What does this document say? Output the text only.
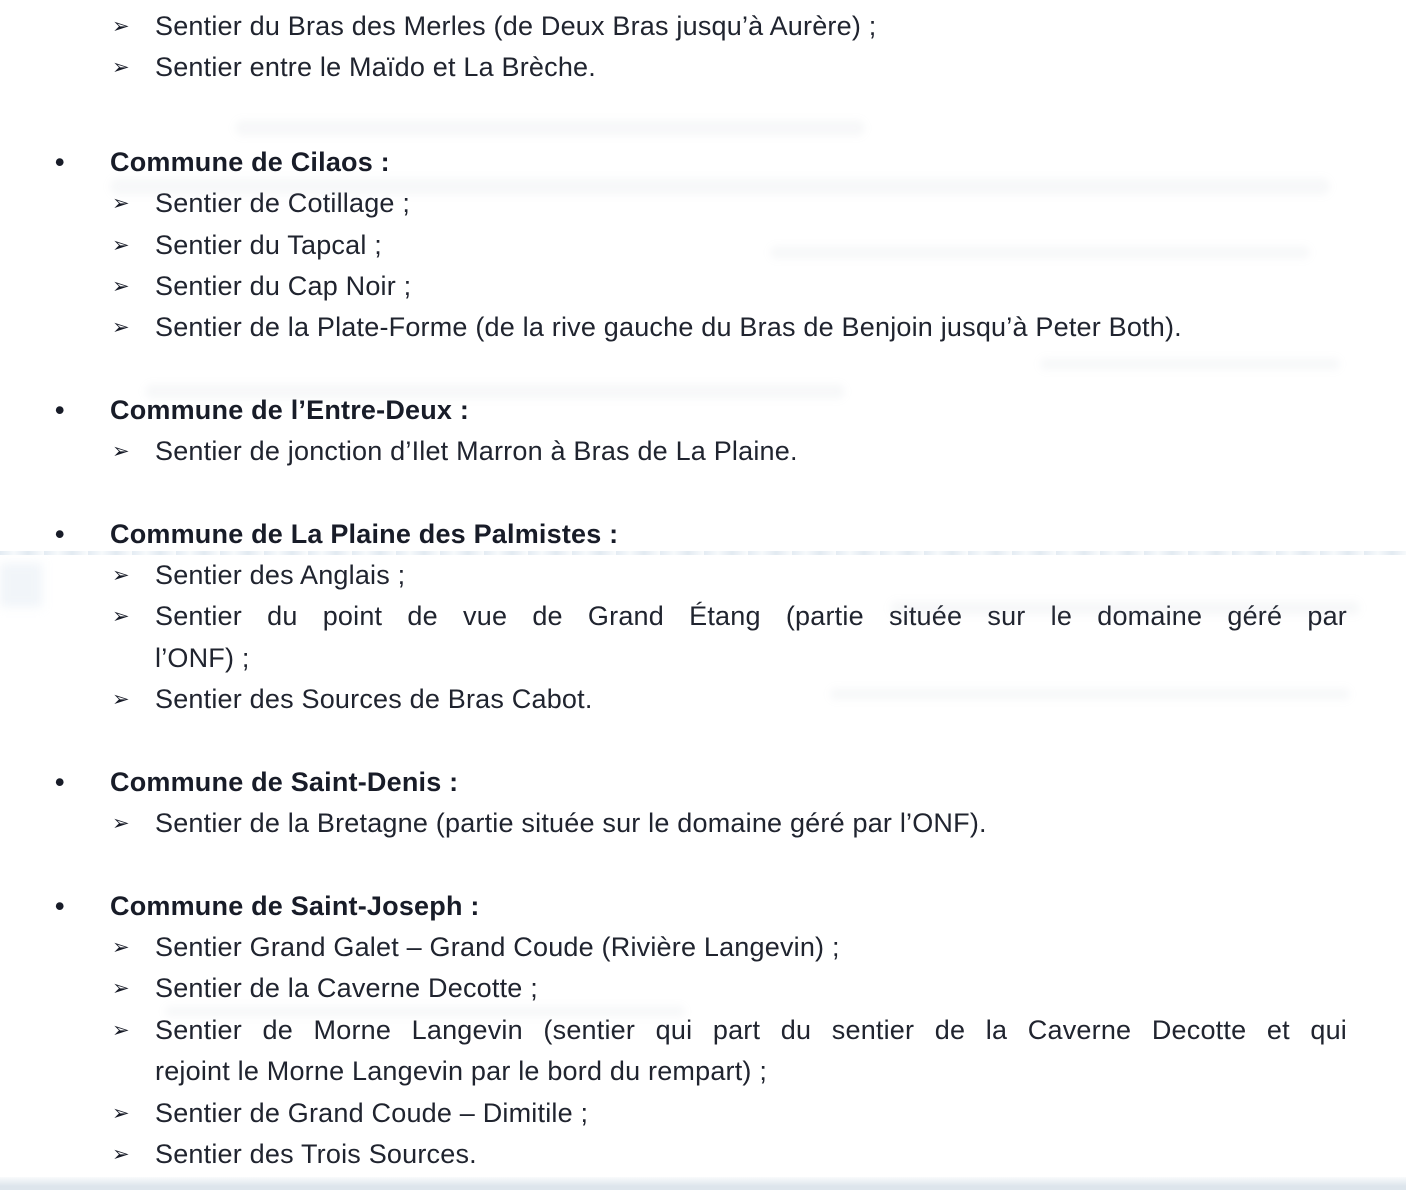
➢ Sentier du Bras des Merles (de Deux Bras jusqu’à Aurère) ;
➢ Sentier entre le Maïdo et La Brèche.
•	Commune de Cilaos :
➢ Sentier de Cotillage ;
➢ Sentier du Tapcal ;
➢ Sentier du Cap Noir ;
➢ Sentier de la Plate-Forme (de la rive gauche du Bras de Benjoin jusqu’à Peter Both).
•	Commune de l’Entre-Deux :
➢ Sentier de jonction d’Ilet Marron à Bras de La Plaine.
•	Commune de La Plaine des Palmistes :
➢ Sentier des Anglais ;
➢ Sentier du point de vue de Grand Étang (partie située sur le domaine géré par
l’ONF) ;
➢ Sentier des Sources de Bras Cabot.
•	Commune de Saint-Denis :
➢ Sentier de la Bretagne (partie située sur le domaine géré par l’ONF).
•	Commune de Saint-Joseph :
➢ Sentier Grand Galet – Grand Coude (Rivière Langevin) ;
➢ Sentier de la Caverne Decotte ;
➢ Sentier de Morne Langevin (sentier qui part du sentier de la Caverne Decotte et qui
rejoint le Morne Langevin par le bord du rempart) ;
➢ Sentier de Grand Coude – Dimitile ;
➢ Sentier des Trois Sources.
